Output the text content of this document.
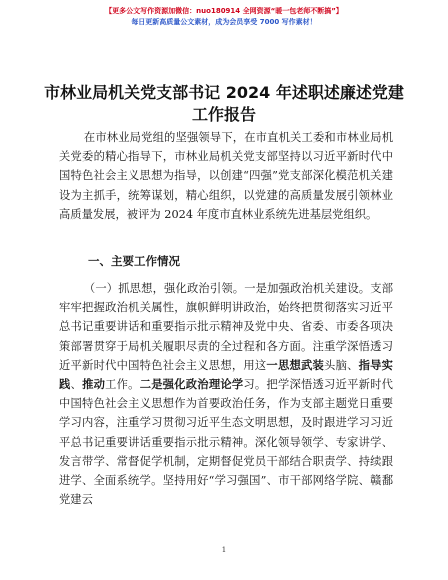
【更多公文写作资源加微信：nuo180914 全网资源“暖一包老师不断搞”】
每日更新高质量公文素材，成为会员享受 7000 写作素材！
市林业局机关党支部书记 2024 年述职述廉述党建工作报告
在市林业局党组的坚强领导下，在市直机关工委和市林业局机关党委的精心指导下，市林业局机关党支部坚持以习近平新时代中国特色社会主义思想为指导，以创建“四强”党支部深化模范机关建设为主抓手，统筹谋划，精心组织，以党建的高质量发展引领林业高质量发展，被评为 2024 年度市直林业系统先进基层党组织。
一、主要工作情况
（一）抓思想，强化政治引领。一是加强政治机关建设。支部牢牢把握政治机关属性，旗帜鲜明讲政治，始终把贯彻落实习近平总书记重要讲话和重要指示批示精神及党中央、省委、市委各项决策部署贯穿于局机关履职尽责的全过程和各方面。注重学深悟透习近平新时代中国特色社会主义思想，用这一思想武装头脑、指导实践、推动工作。二是强化政治理论学习。把学深悟透习近平新时代中国特色社会主义思想作为首要政治任务，作为支部主题党日重要学习内容，注重学习贯彻习近平生态文明思想，及时跟进学习习近平总书记重要讲话重要指示批示精神。深化领导领学、专家讲学、发言带学、常督促学机制，定期督促党员干部结合职责学、持续跟进学、全面系统学。坚持用好“学习强国”、市干部网络学院、赣鄱党建云
1
